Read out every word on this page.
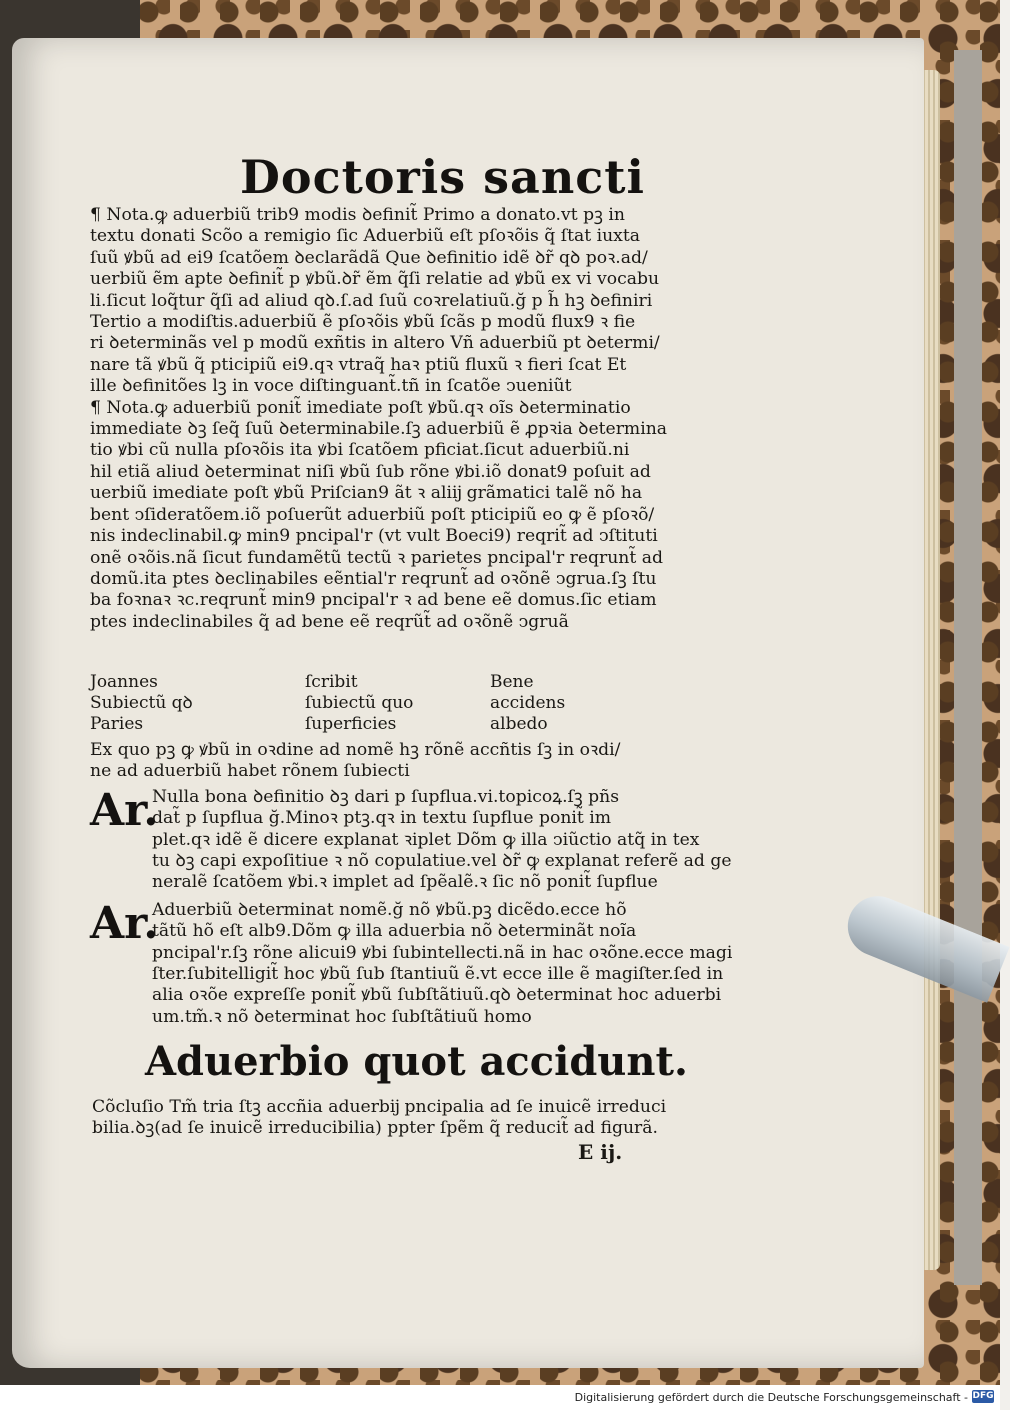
Doctoris sancti

¶ Nota.ꝙ aduerbiũ trib9 modis ꝺefinit̃ Primo a donato.vt pꝫ in

textu donati Scõo a remigio ſic Aduerbiũ eſt pſoꝛõis q̃ ſtat iuxta

ſuũ ꝟbũ ad ei9 ſcatõem ꝺeclarãdã Que ꝺefinitio idẽ ꝺr̃ qꝺ poꝛ.ad/

uerbiũ ẽm apte ꝺefinit̃ p ꝟbũ.ꝺr̃ ẽm q̃ſi relatie ad ꝟbũ ex vi vocabu

li.ſicut loq̃tur q̃ſi ad aliud qꝺ.ſ.ad ſuũ coꝛrelatiuũ.ğ p h̃ hꝫ ꝺefiniri

Tertio a modiſtis.aduerbiũ ẽ pſoꝛõis ꝟbũ ſcãs p modũ flux9 ꝛ fie

ri ꝺeterminãs vel p modũ exñtis in altero Vñ aduerbiũ pt ꝺetermi/

nare tã ꝟbũ q̃ pticipiũ ei9.qꝛ vtraq̃ haꝛ ptiũ fluxũ ꝛ fieri ſcat Et

ille ꝺefinitões lꝫ in voce diſtinguant̃.tñ in ſcatõe ↄueniũt

¶ Nota.ꝙ aduerbiũ ponit̃ imediate poſt ꝟbũ.qꝛ oĩs ꝺeterminatio

immediate ꝺꝫ ſeq̃ ſuũ ꝺeterminabile.ſꝫ aduerbiũ ẽ ꝓpꝛia ꝺetermina

tio ꝟbi cũ nulla pſoꝛõis ita ꝟbi ſcatõem pficiat.ſicut aduerbiũ.ni

hil etiã aliud ꝺeterminat niſi ꝟbũ ſub rõne ꝟbi.iõ donat9 poſuit ad

uerbiũ imediate poſt ꝟbũ Priſcian9 ãt ꝛ aliĳ grãmatici talẽ nõ ha

bent ↄſideratõem.iõ poſuerũt aduerbiũ poſt pticipiũ eo ꝙ ẽ pſoꝛõ/

nis indeclinabil.ꝙ min9 pncipal'r (vt vult Boeci9) reqrit̃ ad ↄſtituti

onẽ oꝛõis.nã ſicut fundamẽtũ tectũ ꝛ parietes pncipal'r reqrunt̃ ad

domũ.ita ptes ꝺeclinabiles eẽntial'r reqrunt̃ ad oꝛõnẽ ↄgrua.ſꝫ ſtu

ba foꝛnaꝛ ꝛc.reqrunt̃ min9 pncipal'r ꝛ ad bene eẽ domus.ſic etiam

ptes indeclinabiles q̃ ad bene eẽ reqrũt̃ ad oꝛõnẽ ↄgruã

Joannes	ſcribit	Bene
Subiectũ qꝺ	ſubiectũ quo	accidens
Paries	ſuperficies	albedo

Ex quo pꝫ ꝙ ꝟbũ in oꝛdine ad nomẽ hꝫ rõnẽ accñtis ſꝫ in oꝛdi/

ne ad aduerbiũ habet rõnem ſubiecti

Ar.

Nulla bona ꝺefinitio ꝺꝫ dari p ſupflua.vi.topicoꝝ.ſꝫ pñs

dat̃ p ſupflua ğ.Minoꝛ ptꝫ.qꝛ in textu ſupflue ponit̃ im

plet.qꝛ idẽ ẽ dicere explanat ꝛiplet Dõm ꝙ illa ↄiũctio atq̃ in tex

tu ꝺꝫ capi expoſitiue ꝛ nõ copulatiue.vel ꝺr̃ ꝙ explanat referẽ ad ge

neralẽ ſcatõem ꝟbi.ꝛ implet ad ſpẽalẽ.ꝛ ſic nõ ponit̃ ſupflue

Ar.

Aduerbiũ ꝺeterminat nomẽ.ğ nõ ꝟbũ.pꝫ dicẽdo.ecce hõ

tãtũ hõ eſt alb9.Dõm ꝙ illa aduerbia nõ ꝺeterminãt noĩa

pncipal'r.ſꝫ rõne alicui9 ꝟbi ſubintellecti.nã in hac oꝛõne.ecce magi

ſter.ſubitelligit̃ hoc ꝟbũ ſub ſtantiuũ ẽ.vt ecce ille ẽ magiſter.ſed in

alia oꝛõe expreſſe ponit̃ ꝟbũ ſubſtãtiuũ.qꝺ ꝺeterminat hoc aduerbi

um.tm̃.ꝛ nõ ꝺeterminat hoc ſubſtãtiuũ homo

Aduerbio quot accidunt.

Cõcluſio Tm̃ tria ſtꝫ accñia aduerbĳ pncipalia ad ſe inuicẽ irreduci

bilia.ꝺꝫ(ad ſe inuicẽ irreducibilia) ppter ſpẽm q̃ reducit̃ ad figurã.

E ĳ.
Digitalisierung gefördert durch die Deutsche Forschungsgemeinschaft - DFG
